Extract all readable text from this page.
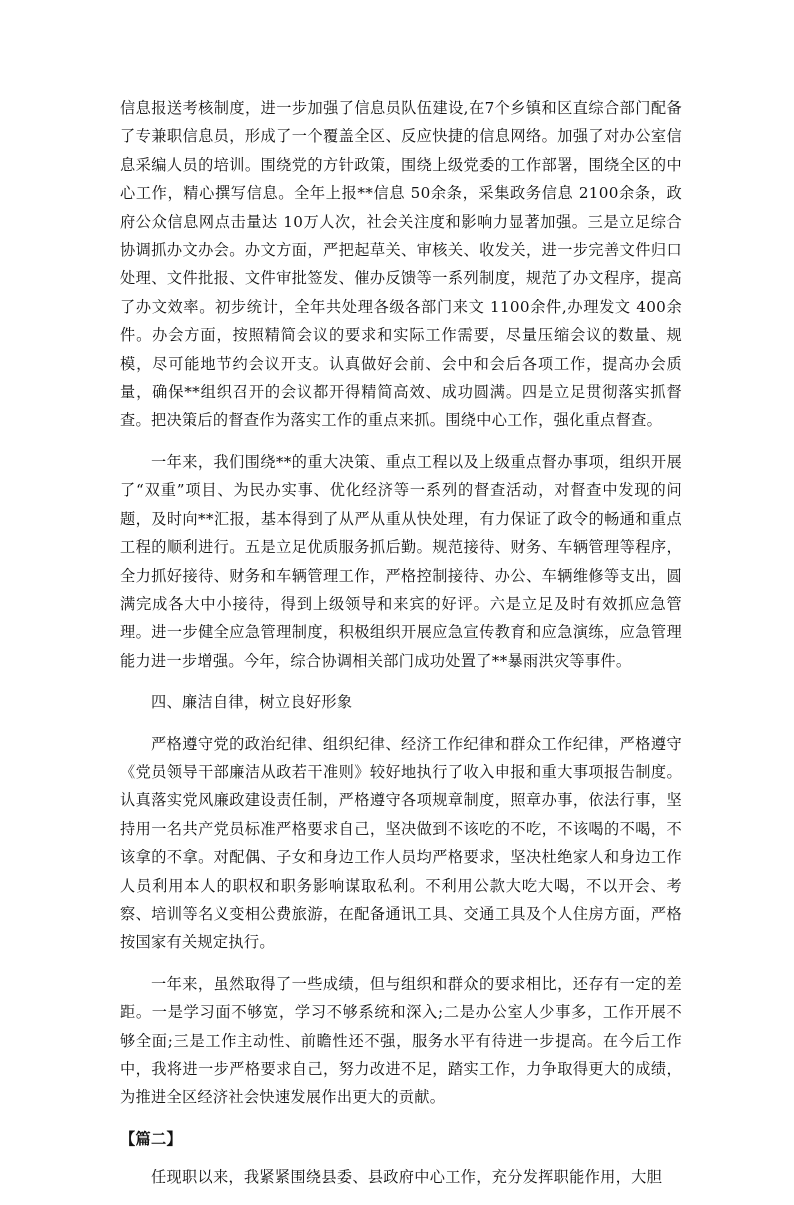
信息报送考核制度，进一步加强了信息员队伍建设,在7个乡镇和区直综合部门配备了专兼职信息员，形成了一个覆盖全区、反应快捷的信息网络。加强了对办公室信息采编人员的培训。围绕党的方针政策，围绕上级党委的工作部署，围绕全区的中心工作，精心撰写信息。全年上报**信息 50余条，采集政务信息 2100余条，政府公众信息网点击量达 10万人次，社会关注度和影响力显著加强。三是立足综合协调抓办文办会。办文方面，严把起草关、审核关、收发关，进一步完善文件归口处理、文件批报、文件审批签发、催办反馈等一系列制度，规范了办文程序，提高了办文效率。初步统计，全年共处理各级各部门来文 1100余件,办理发文 400余件。办会方面，按照精简会议的要求和实际工作需要，尽量压缩会议的数量、规模，尽可能地节约会议开支。认真做好会前、会中和会后各项工作，提高办会质量，确保**组织召开的会议都开得精简高效、成功圆满。四是立足贯彻落实抓督查。把决策后的督查作为落实工作的重点来抓。围绕中心工作，强化重点督查。

一年来，我们围绕**的重大决策、重点工程以及上级重点督办事项，组织开展了“双重”项目、为民办实事、优化经济等一系列的督查活动，对督查中发现的问题，及时向**汇报，基本得到了从严从重从快处理，有力保证了政令的畅通和重点工程的顺利进行。五是立足优质服务抓后勤。规范接待、财务、车辆管理等程序，全力抓好接待、财务和车辆管理工作，严格控制接待、办公、车辆维修等支出，圆满完成各大中小接待，得到上级领导和来宾的好评。六是立足及时有效抓应急管理。进一步健全应急管理制度，积极组织开展应急宣传教育和应急演练，应急管理能力进一步增强。今年，综合协调相关部门成功处置了**暴雨洪灾等事件。

四、廉洁自律，树立良好形象

严格遵守党的政治纪律、组织纪律、经济工作纪律和群众工作纪律，严格遵守《党员领导干部廉洁从政若干准则》较好地执行了收入申报和重大事项报告制度。认真落实党风廉政建设责任制，严格遵守各项规章制度，照章办事，依法行事，坚持用一名共产党员标准严格要求自己，坚决做到不该吃的不吃，不该喝的不喝，不该拿的不拿。对配偶、子女和身边工作人员均严格要求，坚决杜绝家人和身边工作人员利用本人的职权和职务影响谋取私利。不利用公款大吃大喝，不以开会、考察、培训等名义变相公费旅游，在配备通讯工具、交通工具及个人住房方面，严格按国家有关规定执行。

一年来，虽然取得了一些成绩，但与组织和群众的要求相比，还存有一定的差距。一是学习面不够宽，学习不够系统和深入;二是办公室人少事多，工作开展不够全面;三是工作主动性、前瞻性还不强，服务水平有待进一步提高。在今后工作中，我将进一步严格要求自己，努力改进不足，踏实工作，力争取得更大的成绩，为推进全区经济社会快速发展作出更大的贡献。

【篇二】

任现职以来，我紧紧围绕县委、县政府中心工作，充分发挥职能作用，大胆
